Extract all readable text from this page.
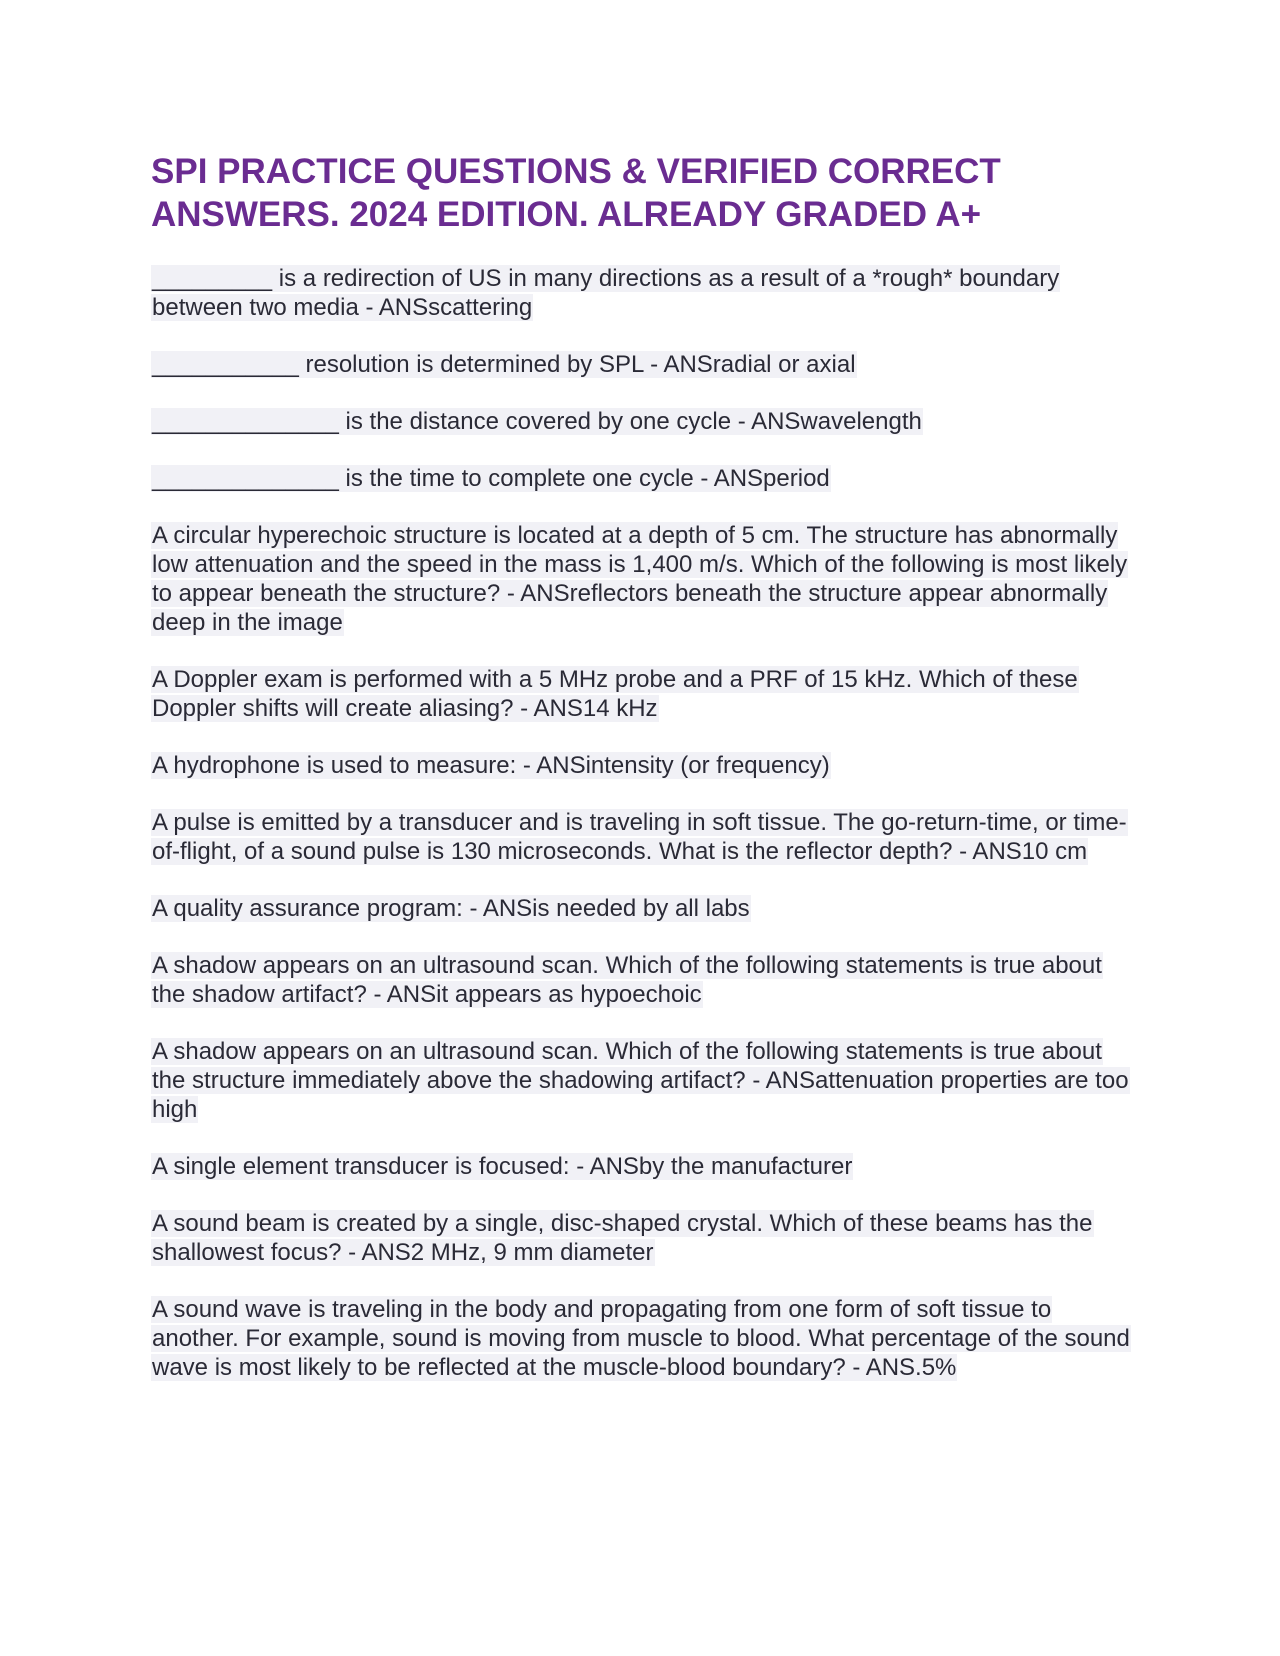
SPI PRACTICE QUESTIONS & VERIFIED CORRECT ANSWERS. 2024 EDITION. ALREADY GRADED A+

_________ is a redirection of US in many directions as a result of a *rough* boundary between two media - ANSscattering

___________ resolution is determined by SPL - ANSradial or axial

______________ is the distance covered by one cycle - ANSwavelength

______________ is the time to complete one cycle - ANSperiod

A circular hyperechoic structure is located at a depth of 5 cm. The structure has abnormally low attenuation and the speed in the mass is 1,400 m/s. Which of the following is most likely to appear beneath the structure? - ANSreflectors beneath the structure appear abnormally deep in the image

A Doppler exam is performed with a 5 MHz probe and a PRF of 15 kHz. Which of these Doppler shifts will create aliasing? - ANS14 kHz

A hydrophone is used to measure: - ANSintensity (or frequency)

A pulse is emitted by a transducer and is traveling in soft tissue. The go-return-time, or time-of-flight, of a sound pulse is 130 microseconds. What is the reflector depth? - ANS10 cm

A quality assurance program: - ANSis needed by all labs

A shadow appears on an ultrasound scan. Which of the following statements is true about the shadow artifact? - ANSit appears as hypoechoic

A shadow appears on an ultrasound scan. Which of the following statements is true about the structure immediately above the shadowing artifact? - ANSattenuation properties are too high

A single element transducer is focused: - ANSby the manufacturer

A sound beam is created by a single, disc-shaped crystal. Which of these beams has the shallowest focus? - ANS2 MHz, 9 mm diameter

A sound wave is traveling in the body and propagating from one form of soft tissue to another. For example, sound is moving from muscle to blood. What percentage of the sound wave is most likely to be reflected at the muscle-blood boundary? - ANS.5%
